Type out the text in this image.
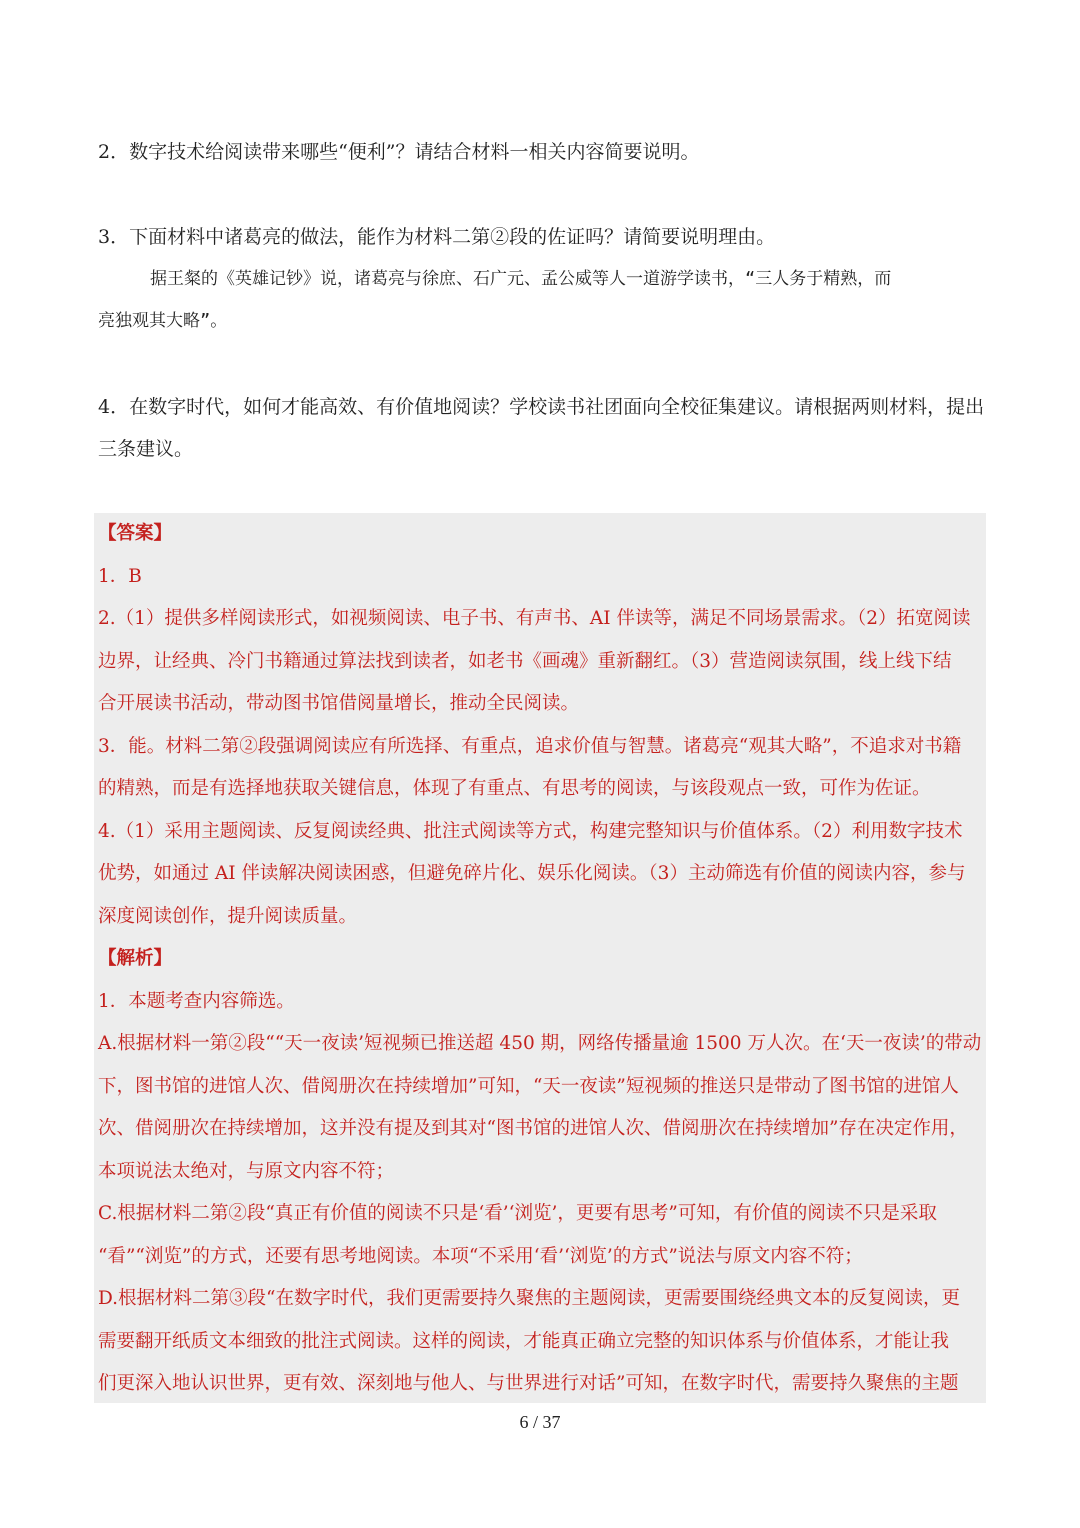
2．数字技术给阅读带来哪些“便利”？请结合材料一相关内容简要说明。

3．下面材料中诸葛亮的做法，能作为材料二第②段的佐证吗？请简要说明理由。

据王粲的《英雄记钞》说，诸葛亮与徐庶、石广元、孟公威等人一道游学读书，“三人务于精熟，而

亮独观其大略”。

4．在数字时代，如何才能高效、有价值地阅读？学校读书社团面向全校征集建议。请根据两则材料，提出

三条建议。

【答案】

1．B

2.（1）提供多样阅读形式，如视频阅读、电子书、有声书、AI 伴读等，满足不同场景需求。（2）拓宽阅读

边界，让经典、冷门书籍通过算法找到读者，如老书《画魂》重新翻红。（3）营造阅读氛围，线上线下结

合开展读书活动，带动图书馆借阅量增长，推动全民阅读。

3．能。材料二第②段强调阅读应有所选择、有重点，追求价值与智慧。诸葛亮“观其大略”，不追求对书籍

的精熟，而是有选择地获取关键信息，体现了有重点、有思考的阅读，与该段观点一致，可作为佐证。

4.（1）采用主题阅读、反复阅读经典、批注式阅读等方式，构建完整知识与价值体系。（2）利用数字技术

优势，如通过 AI 伴读解决阅读困惑，但避免碎片化、娱乐化阅读。（3）主动筛选有价值的阅读内容，参与

深度阅读创作，提升阅读质量。

【解析】

1．本题考查内容筛选。

A.根据材料一第②段““天一夜读’短视频已推送超 450 期，网络传播量逾 1500 万人次。在‘天一夜读’的带动

下，图书馆的进馆人次、借阅册次在持续增加”可知，“天一夜读”短视频的推送只是带动了图书馆的进馆人

次、借阅册次在持续增加，这并没有提及到其对“图书馆的进馆人次、借阅册次在持续增加”存在决定作用，

本项说法太绝对，与原文内容不符；

C.根据材料二第②段“真正有价值的阅读不只是‘看’‘浏览’，更要有思考”可知，有价值的阅读不只是采取

“看”“浏览”的方式，还要有思考地阅读。本项“不采用‘看’‘浏览’的方式”说法与原文内容不符；

D.根据材料二第③段“在数字时代，我们更需要持久聚焦的主题阅读，更需要围绕经典文本的反复阅读，更

需要翻开纸质文本细致的批注式阅读。这样的阅读，才能真正确立完整的知识体系与价值体系，才能让我

们更深入地认识世界，更有效、深刻地与他人、与世界进行对话”可知，在数字时代，需要持久聚焦的主题

6 / 37
